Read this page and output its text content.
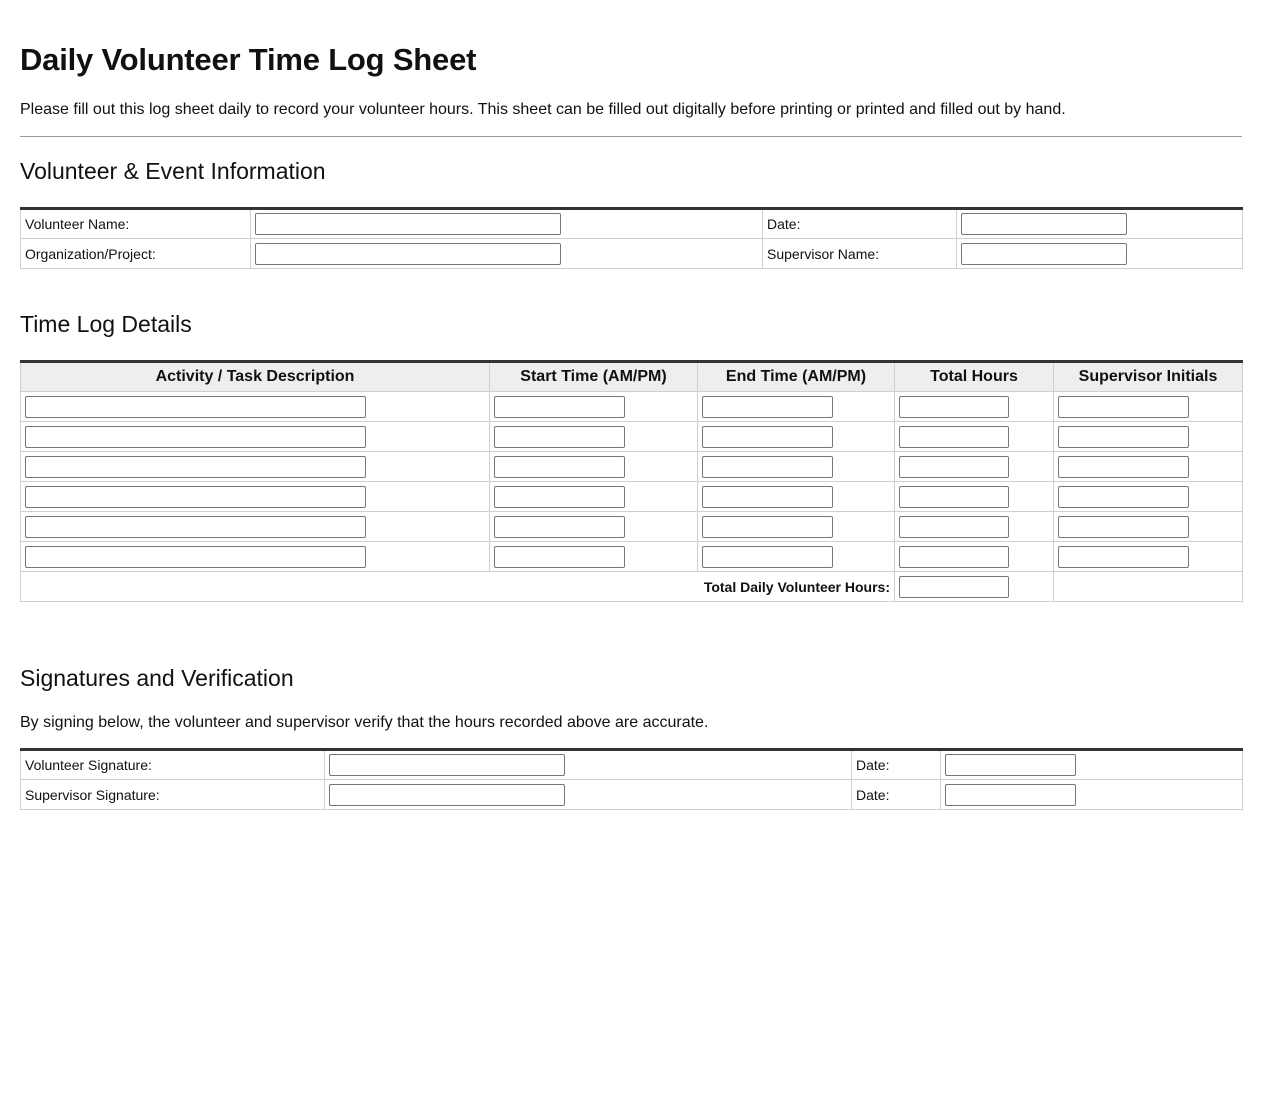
Daily Volunteer Time Log Sheet

Please fill out this log sheet daily to record your volunteer hours. This sheet can be filled out digitally before printing or printed and filled out by hand.

Volunteer & Event Information
Volunteer Name:		Date:	

Organization/Project:		Supervisor Name:	
Time Log Details
Activity / Task Description	Start Time (AM/PM)	End Time (AM/PM)	Total Hours	Supervisor Initials

Total Daily Volunteer Hours:	

Signatures and Verification

By signing below, the volunteer and supervisor verify that the hours recorded above are accurate.

Volunteer Signature:		Date:	

Supervisor Signature:		Date:	
